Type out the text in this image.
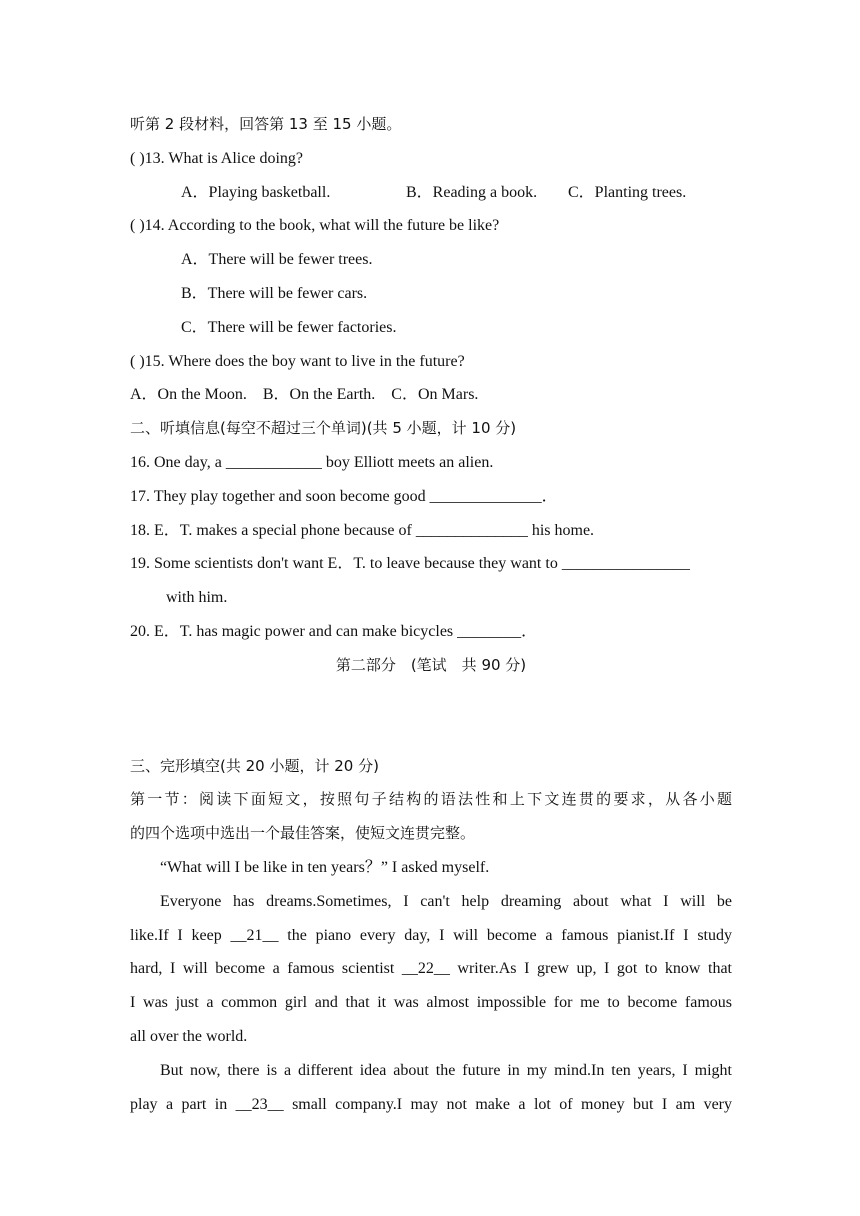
听第 2 段材料，回答第 13 至 15 小题。
( )13. What is Alice doing?
A．Playing basketball.	B．Reading a book.	C．Planting trees.
( )14. According to the book, what will the future be like?
A．There will be fewer trees.
B．There will be fewer cars.
C．There will be fewer factories.
( )15. Where does the boy want to live in the future?
A．On the Moon.    B．On the Earth.    C．On Mars.
二、听填信息(每空不超过三个单词)(共 5 小题，计 10 分)
16. One day, a ____________ boy Elliott meets an alien.
17. They play together and soon become good ______________．
18. E．T. makes a special phone because of ______________ his home.
19. Some scientists don't want E．T. to leave because they want to ________________
with him.
20. E．T. has magic power and can make bicycles ________．
第二部分　(笔试　共 90 分)
三、完形填空(共 20 小题，计 20 分)
第一节：阅读下面短文，按照句子结构的语法性和上下文连贯的要求，从各小题
的四个选项中选出一个最佳答案，使短文连贯完整。
“What will I be like in ten years？” I asked myself.
Everyone has dreams.Sometimes, I can't help dreaming about what I will be
like.If I keep __21__ the piano every day, I will become a famous pianist.If I study
hard, I will become a famous scientist __22__ writer.As I grew up, I got to know that
I was just a common girl and that it was almost impossible for me to become famous
all over the world.
But now, there is a different idea about the future in my mind.In ten years, I might
play a part in __23__ small company.I may not make a lot of money but I am very
